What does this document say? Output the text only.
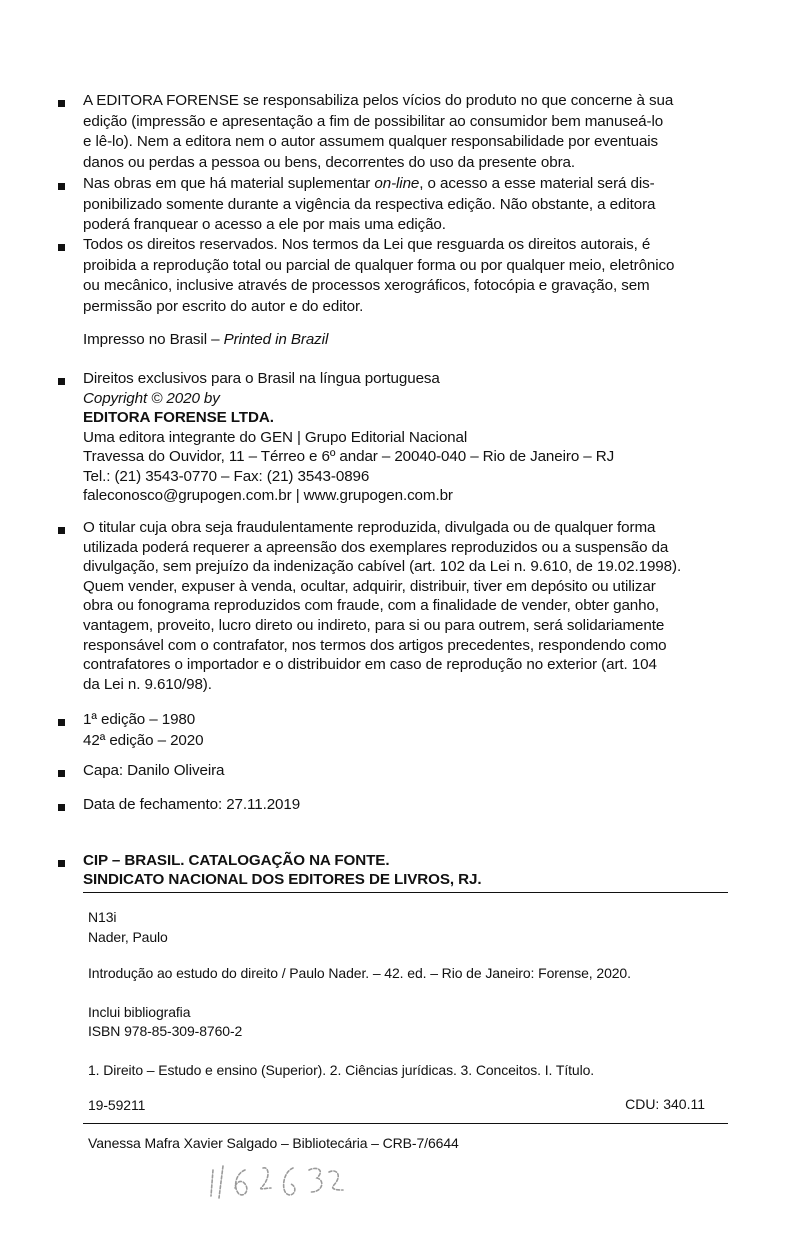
A EDITORA FORENSE se responsabiliza pelos vícios do produto no que concerne à sua

edição (impressão e apresentação a fim de possibilitar ao consumidor bem manuseá-lo

e lê-lo). Nem a editora nem o autor assumem qualquer responsabilidade por eventuais

danos ou perdas a pessoa ou bens, decorrentes do uso da presente obra.

Nas obras em que há material suplementar on-line, o acesso a esse material será dis-

ponibilizado somente durante a vigência da respectiva edição. Não obstante, a editora

poderá franquear o acesso a ele por mais uma edição.

Todos os direitos reservados. Nos termos da Lei que resguarda os direitos autorais, é

proibida a reprodução total ou parcial de qualquer forma ou por qualquer meio, eletrônico

ou mecânico, inclusive através de processos xerográficos, fotocópia e gravação, sem

permissão por escrito do autor e do editor.

Impresso no Brasil – Printed in Brazil

Direitos exclusivos para o Brasil na língua portuguesa

Copyright © 2020 by

EDITORA FORENSE LTDA.

Uma editora integrante do GEN | Grupo Editorial Nacional

Travessa do Ouvidor, 11 – Térreo e 6º andar – 20040-040 – Rio de Janeiro – RJ

Tel.: (21) 3543-0770 – Fax: (21) 3543-0896

faleconosco@grupogen.com.br | www.grupogen.com.br

O titular cuja obra seja fraudulentamente reproduzida, divulgada ou de qualquer forma

utilizada poderá requerer a apreensão dos exemplares reproduzidos ou a suspensão da

divulgação, sem prejuízo da indenização cabível (art. 102 da Lei n. 9.610, de 19.02.1998).

Quem vender, expuser à venda, ocultar, adquirir, distribuir, tiver em depósito ou utilizar

obra ou fonograma reproduzidos com fraude, com a finalidade de vender, obter ganho,

vantagem, proveito, lucro direto ou indireto, para si ou para outrem, será solidariamente

responsável com o contrafator, nos termos dos artigos precedentes, respondendo como

contrafatores o importador e o distribuidor em caso de reprodução no exterior (art. 104

da Lei n. 9.610/98).

1ª edição – 1980

42ª edição – 2020

Capa: Danilo Oliveira

Data de fechamento: 27.11.2019

CIP – BRASIL. CATALOGAÇÃO NA FONTE.

SINDICATO NACIONAL DOS EDITORES DE LIVROS, RJ.

N13i
Nader, Paulo
Introdução ao estudo do direito / Paulo Nader. – 42. ed. – Rio de Janeiro: Forense, 2020.
Inclui bibliografia
ISBN 978-85-309-8760-2
1. Direito – Estudo e ensino (Superior). 2. Ciências jurídicas. 3. Conceitos. I. Título.
19-59211	CDU: 340.11
Vanessa Mafra Xavier Salgado – Bibliotecária – CRB-7/6644
